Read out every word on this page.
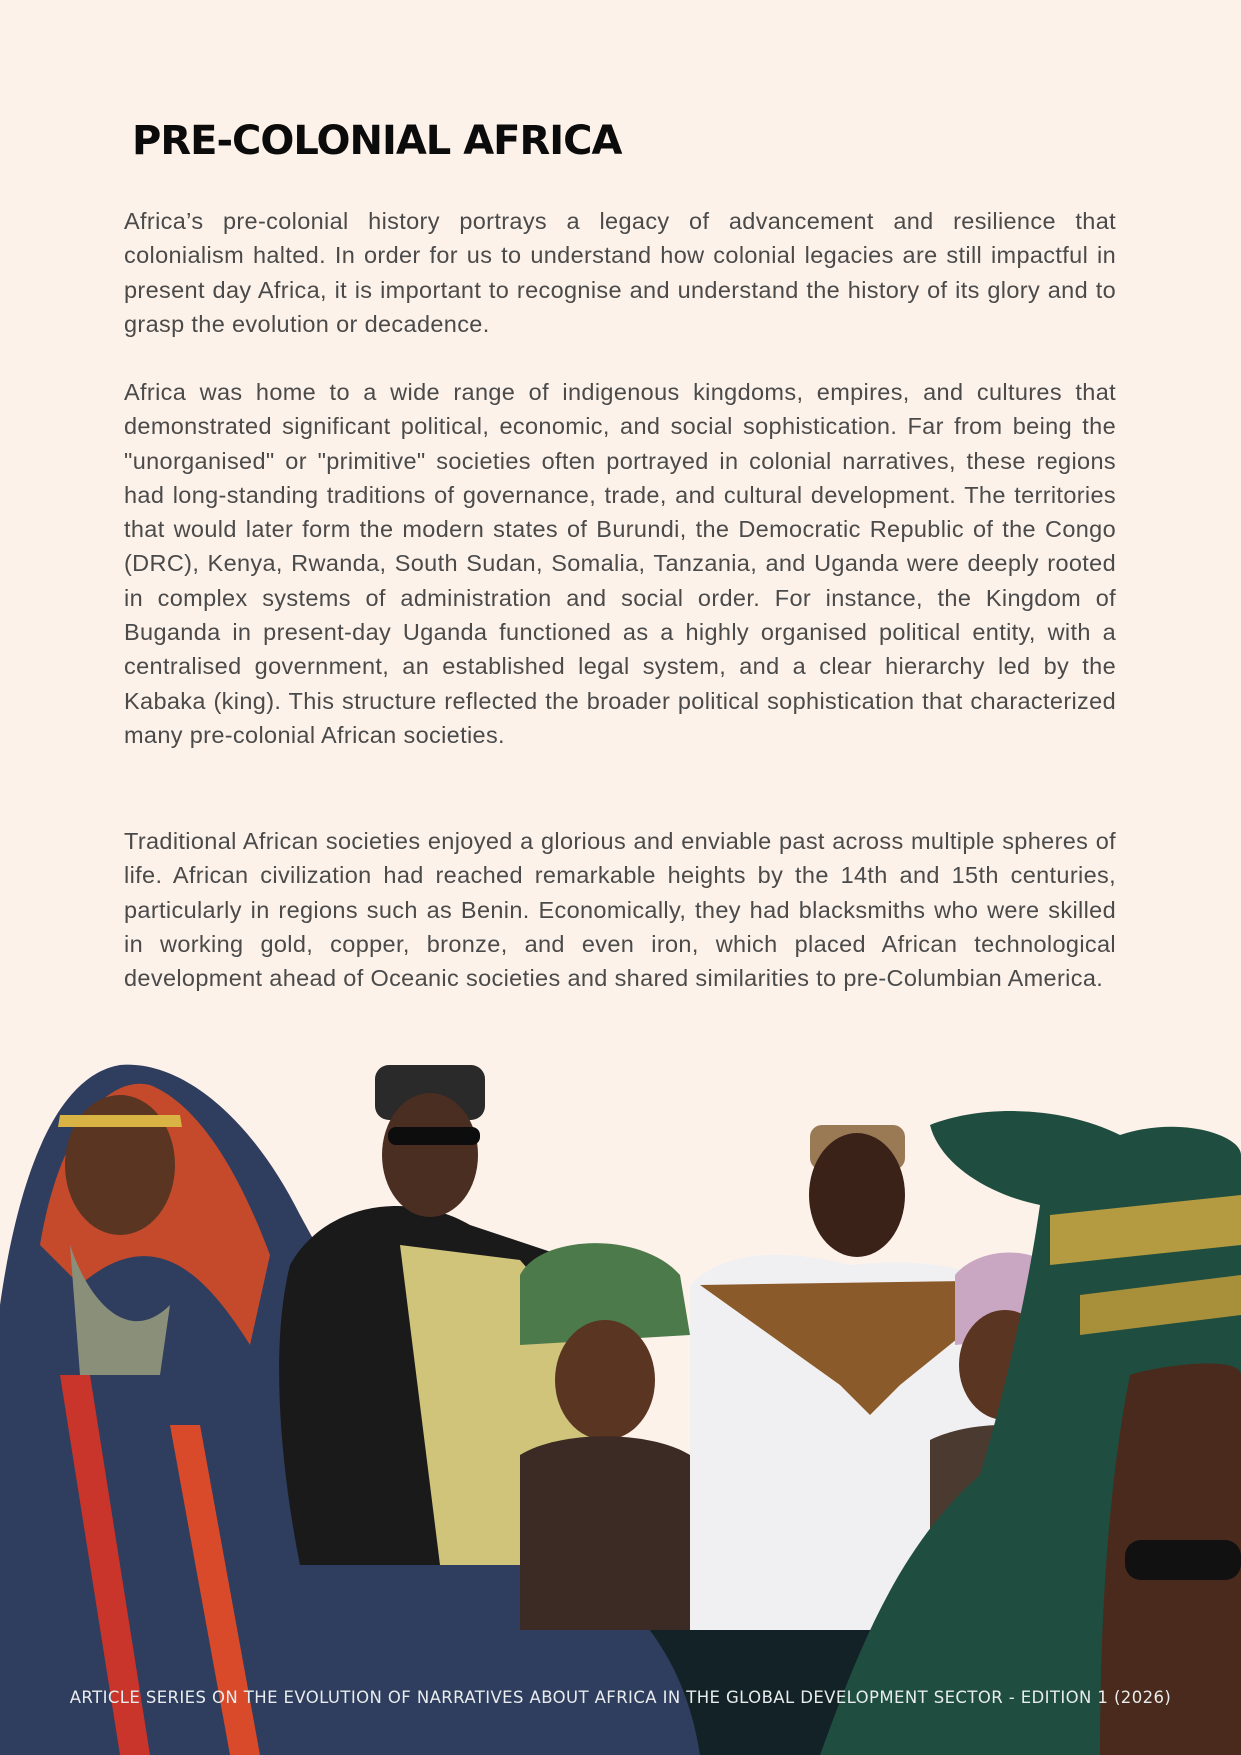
PRE-COLONIAL AFRICA

Africa’s pre-colonial history portrays a legacy of advancement and resilience that colonialism halted. In order for us to understand how colonial legacies are still impactful in present day Africa, it is important to recognise and understand the history of its glory and to grasp the evolution or decadence.

Africa was home to a wide range of indigenous kingdoms, empires, and cultures that demonstrated significant political, economic, and social sophistication. Far from being the "unorganised" or "primitive" societies often portrayed in colonial narratives, these regions had long-standing traditions of governance, trade, and cultural development. The territories that would later form the modern states of Burundi, the Democratic Republic of the Congo (DRC), Kenya, Rwanda, South Sudan, Somalia, Tanzania, and Uganda were deeply rooted in complex systems of administration and social order. For instance, the Kingdom of Buganda in present-day Uganda functioned as a highly organised political entity, with a centralised government, an established legal system, and a clear hierarchy led by the Kabaka (king). This structure reflected the broader political sophistication that characterized many pre-colonial African societies.

Traditional African societies enjoyed a glorious and enviable past across multiple spheres of life. African civilization had reached remarkable heights by the 14th and 15th centuries, particularly in regions such as Benin. Economically, they had blacksmiths who were skilled in working gold, copper, bronze, and even iron, which placed African technological development ahead of Oceanic societies and shared similarities to pre-Columbian America.

ARTICLE SERIES ON THE EVOLUTION OF NARRATIVES ABOUT AFRICA IN THE GLOBAL DEVELOPMENT SECTOR - EDITION 1 (2026)
